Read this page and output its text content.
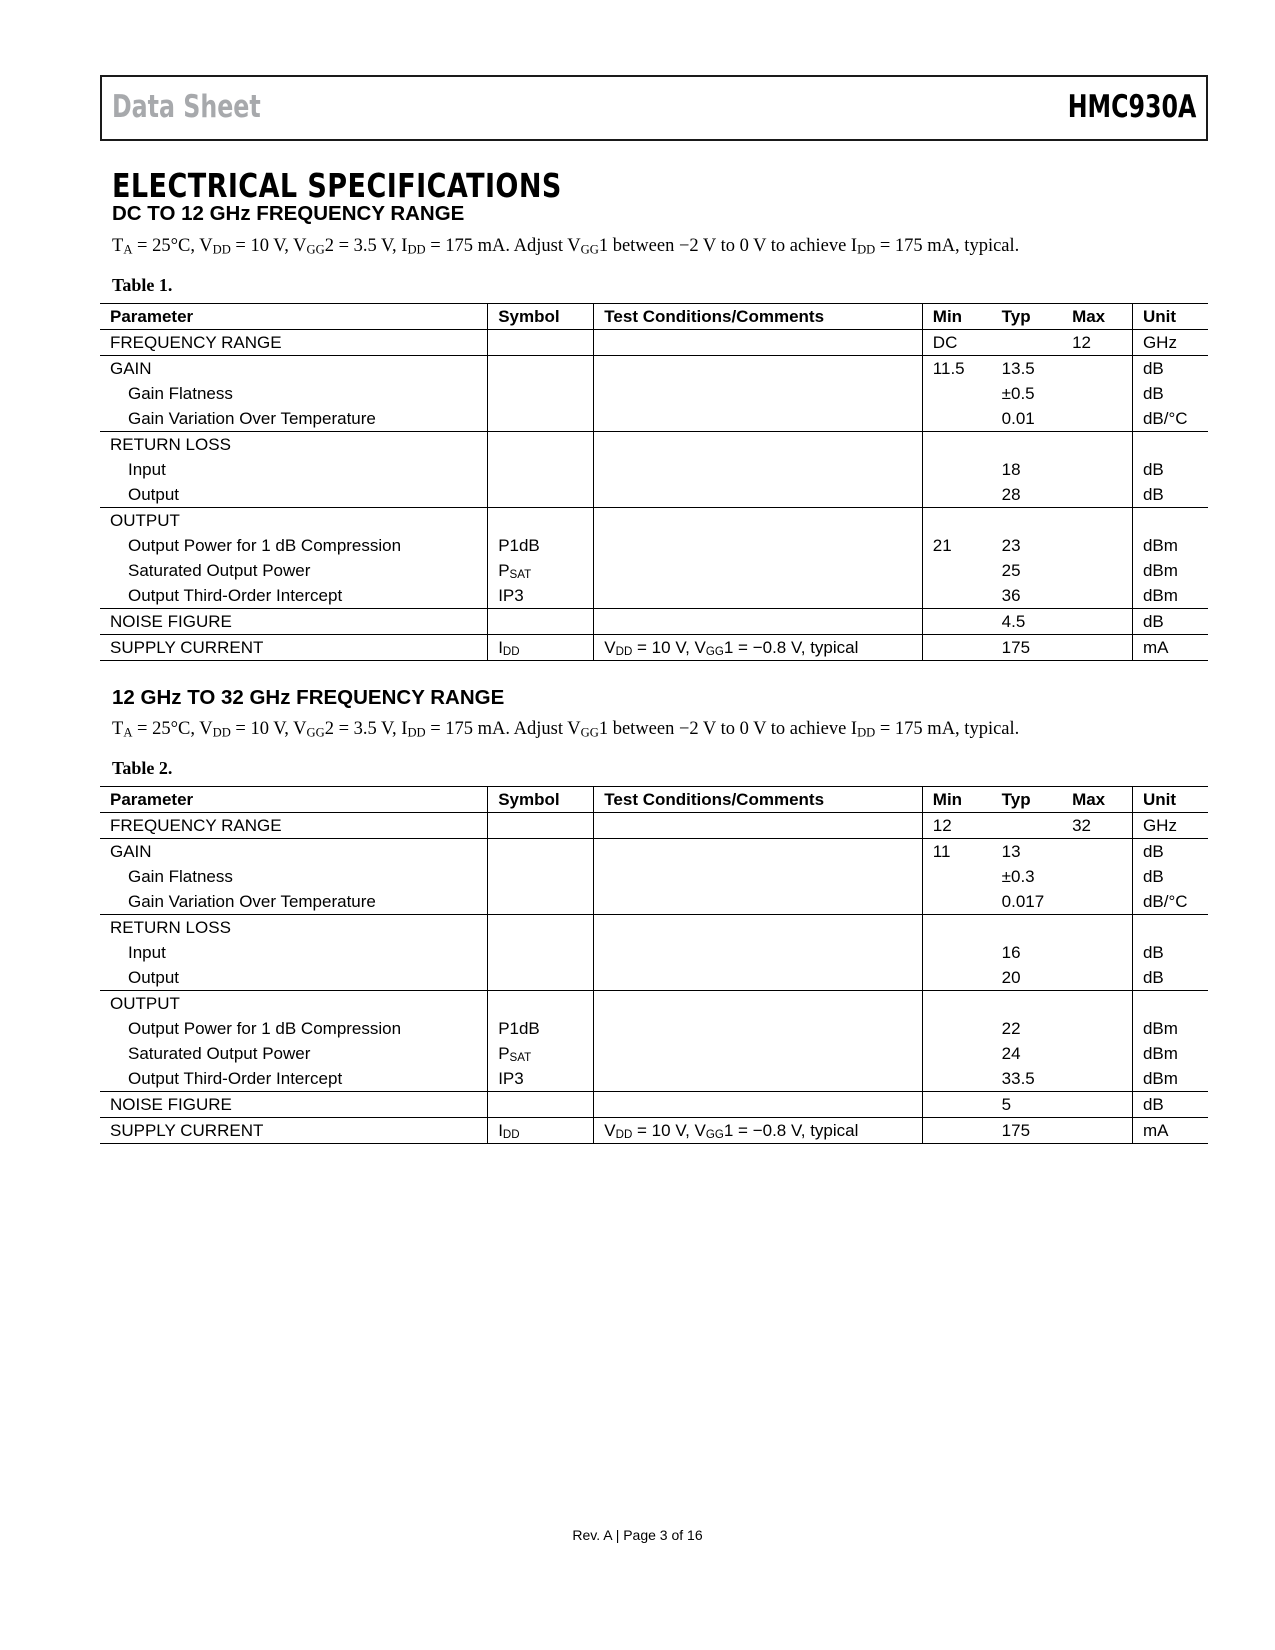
Data Sheet	HMC930A
ELECTRICAL SPECIFICATIONS
DC TO 12 GHz FREQUENCY RANGE
$T_A = 25^\circ C$, $V_{DD} = 10$ V, $V_{GG}2 = 3.5$ V, $I_{DD} = 175$ mA. Adjust $V_{GG}1$ between −2 V to 0 V to achieve $I_{DD} = 175$ mA, typical.
Table 1.
Parameter	Symbol	Test Conditions/Comments	Min	Typ	Max	Unit
FREQUENCY RANGE			DC		12	GHz
GAIN			11.5	13.5		dB
Gain Flatness				±0.5		dB
Gain Variation Over Temperature				0.01		dB/°C
RETURN LOSS						
Input				18		dB
Output				28		dB
OUTPUT						
Output Power for 1 dB Compression	P1dB		21	23		dBm
Saturated Output Power	$P_{SAT}$			25		dBm
Output Third-Order Intercept	IP3			36		dBm
NOISE FIGURE				4.5		dB
SUPPLY CURRENT	$I_{DD}$	$V_{DD} = 10$ V, $V_{GG}1 = -0.8$ V, typical		175		mA
12 GHz TO 32 GHz FREQUENCY RANGE
$T_A = 25^\circ C$, $V_{DD} = 10$ V, $V_{GG}2 = 3.5$ V, $I_{DD} = 175$ mA. Adjust $V_{GG}1$ between −2 V to 0 V to achieve $I_{DD} = 175$ mA, typical.
Table 2.
Parameter	Symbol	Test Conditions/Comments	Min	Typ	Max	Unit
FREQUENCY RANGE			12		32	GHz
GAIN			11	13		dB
Gain Flatness				±0.3		dB
Gain Variation Over Temperature				0.017		dB/°C
RETURN LOSS						
Input				16		dB
Output				20		dB
OUTPUT						
Output Power for 1 dB Compression	P1dB			22		dBm
Saturated Output Power	$P_{SAT}$			24		dBm
Output Third-Order Intercept	IP3			33.5		dBm
NOISE FIGURE				5		dB
SUPPLY CURRENT	$I_{DD}$	$V_{DD} = 10$ V, $V_{GG}1 = -0.8$ V, typical		175		mA
Rev. A | Page 3 of 16
